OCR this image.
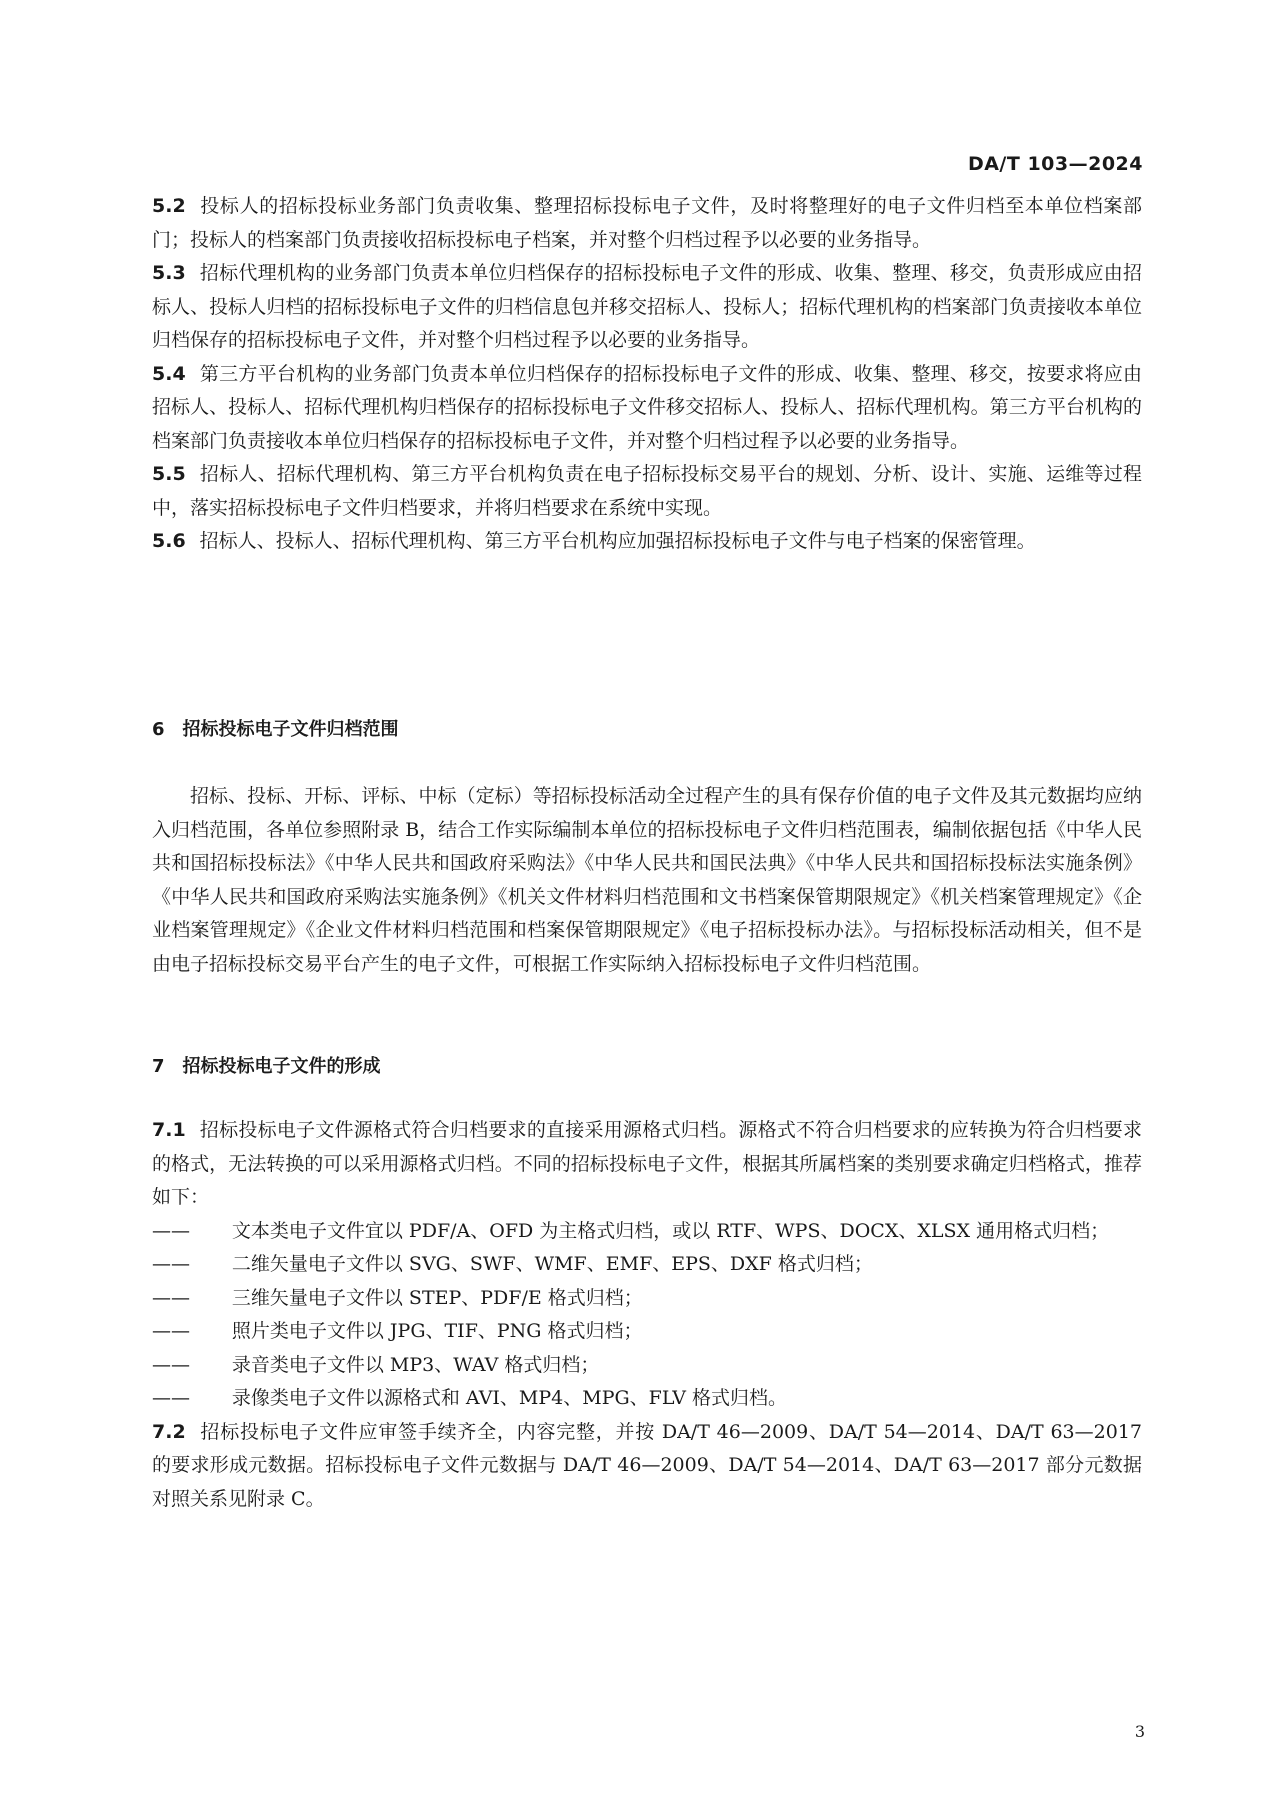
DA/T 103—2024

5.2 投标人的招标投标业务部门负责收集、整理招标投标电子文件，及时将整理好的电子文件归档至本单位档案部门；投标人的档案部门负责接收招标投标电子档案，并对整个归档过程予以必要的业务指导。

5.3 招标代理机构的业务部门负责本单位归档保存的招标投标电子文件的形成、收集、整理、移交，负责形成应由招标人、投标人归档的招标投标电子文件的归档信息包并移交招标人、投标人；招标代理机构的档案部门负责接收本单位归档保存的招标投标电子文件，并对整个归档过程予以必要的业务指导。

5.4 第三方平台机构的业务部门负责本单位归档保存的招标投标电子文件的形成、收集、整理、移交，按要求将应由招标人、投标人、招标代理机构归档保存的招标投标电子文件移交招标人、投标人、招标代理机构。第三方平台机构的档案部门负责接收本单位归档保存的招标投标电子文件，并对整个归档过程予以必要的业务指导。

5.5 招标人、招标代理机构、第三方平台机构负责在电子招标投标交易平台的规划、分析、设计、实施、运维等过程中，落实招标投标电子文件归档要求，并将归档要求在系统中实现。

5.6 招标人、投标人、招标代理机构、第三方平台机构应加强招标投标电子文件与电子档案的保密管理。

6 招标投标电子文件归档范围

招标、投标、开标、评标、中标（定标）等招标投标活动全过程产生的具有保存价值的电子文件及其元数据均应纳入归档范围，各单位参照附录 B，结合工作实际编制本单位的招标投标电子文件归档范围表，编制依据包括《中华人民共和国招标投标法》《中华人民共和国政府采购法》《中华人民共和国民法典》《中华人民共和国招标投标法实施条例》《中华人民共和国政府采购法实施条例》《机关文件材料归档范围和文书档案保管期限规定》《机关档案管理规定》《企业档案管理规定》《企业文件材料归档范围和档案保管期限规定》《电子招标投标办法》。与招标投标活动相关，但不是由电子招标投标交易平台产生的电子文件，可根据工作实际纳入招标投标电子文件归档范围。

7 招标投标电子文件的形成

7.1 招标投标电子文件源格式符合归档要求的直接采用源格式归档。源格式不符合归档要求的应转换为符合归档要求的格式，无法转换的可以采用源格式归档。不同的招标投标电子文件，根据其所属档案的类别要求确定归档格式，推荐如下：

——	文本类电子文件宜以 PDF/A、OFD 为主格式归档，或以 RTF、WPS、DOCX、XLSX 通用格式归档；

——	二维矢量电子文件以 SVG、SWF、WMF、EMF、EPS、DXF 格式归档；

——	三维矢量电子文件以 STEP、PDF/E 格式归档；

——	照片类电子文件以 JPG、TIF、PNG 格式归档；

——	录音类电子文件以 MP3、WAV 格式归档；

——	录像类电子文件以源格式和 AVI、MP4、MPG、FLV 格式归档。

7.2 招标投标电子文件应审签手续齐全，内容完整，并按 DA/T 46—2009、DA/T 54—2014、DA/T 63—2017 的要求形成元数据。招标投标电子文件元数据与 DA/T 46—2009、DA/T 54—2014、DA/T 63—2017 部分元数据对照关系见附录 C。

3
